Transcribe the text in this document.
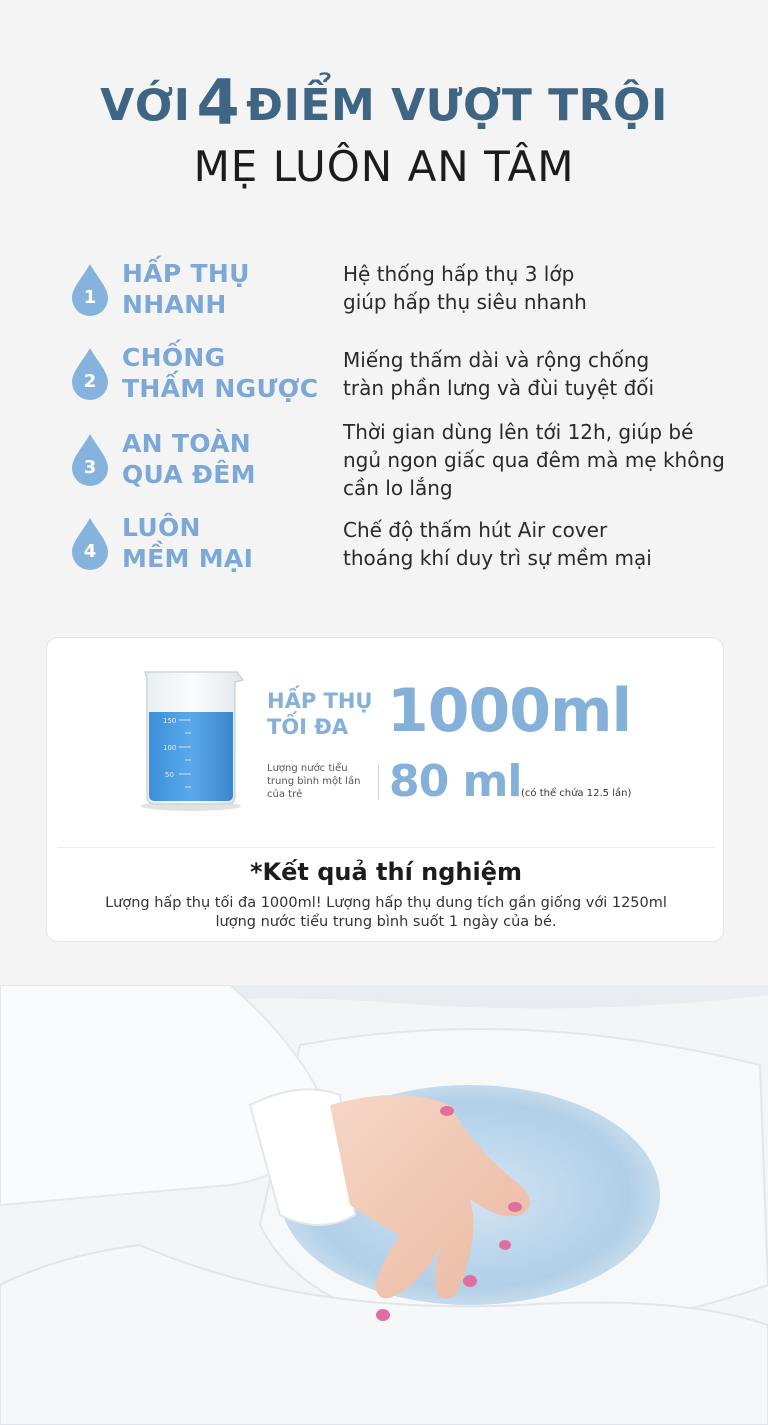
VỚI4 ĐIỂM VƯỢT TRỘI
MẸ LUÔN AN TÂM
1
HẤP THỤ
NHANH
Hệ thống hấp thụ 3 lớp
giúp hấp thụ siêu nhanh
2
CHỐNG
THẤM NGƯỢC
Miếng thấm dài và rộng chống
tràn phần lưng và đùi tuyệt đối
3
AN TOÀN
QUA ĐÊM
Thời gian dùng lên tới 12h, giúp bé
ngủ ngon giấc qua đêm mà mẹ không
cần lo lắng
4
LUÔN
MỀM MẠI
Chế độ thấm hút Air cover
thoáng khí duy trì sự mềm mại
150
100
50
HẤP THỤ
TỐI ĐA 1000ml
Lượng nước tiểu
trung bình một lần
của trẻ	80 ml (có thể chứa 12.5 lần)
*Kết quả thí nghiệm
Lượng hấp thụ tối đa 1000ml! Lượng hấp thụ dung tích gần giống với 1250ml
lượng nước tiểu trung bình suốt 1 ngày của bé.
